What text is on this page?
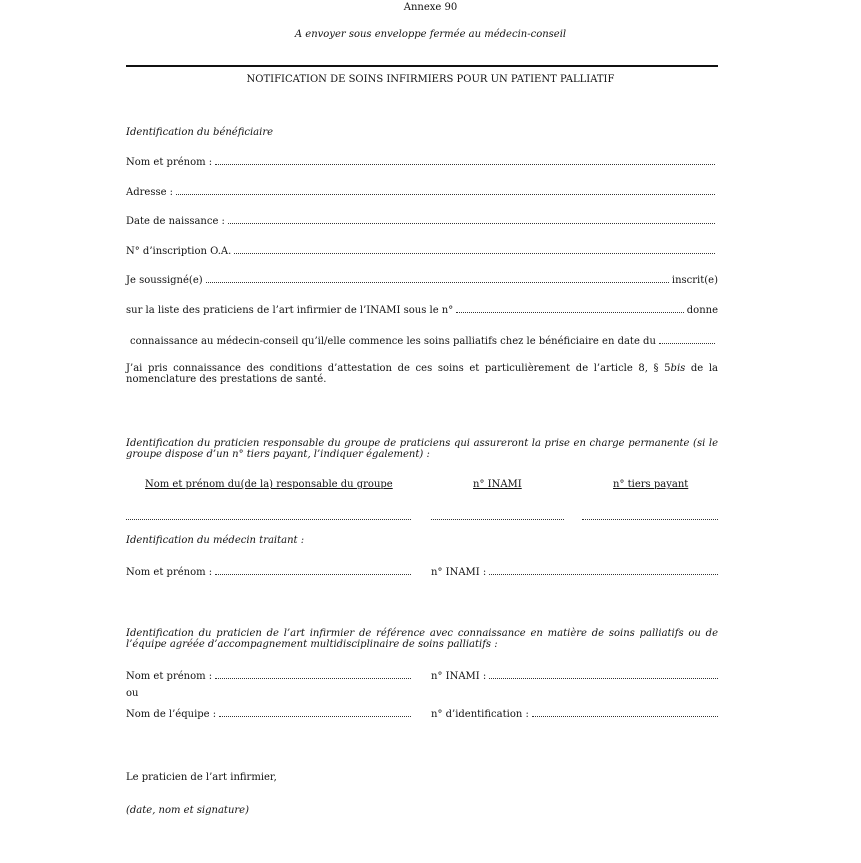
Annexe 90
A envoyer sous enveloppe fermée au médecin-conseil
NOTIFICATION DE SOINS INFIRMIERS POUR UN PATIENT PALLIATIF
Identification du bénéficiaire
Nom et prénom :
Adresse :
Date de naissance :
N° d’inscription O.A.
Je soussigné(e)	inscrit(e)
sur la liste des praticiens de l’art infirmier de l’INAMI sous le n°	donne
connaissance au médecin-conseil qu’il/elle commence les soins palliatifs chez le bénéficiaire en date du
J’ai pris connaissance des conditions d’attestation de ces soins et particulièrement de l’article 8, § 5bis de la nomenclature des prestations de santé.
Identification du praticien responsable du groupe de praticiens qui assureront la prise en charge permanente (si le groupe dispose d’un n° tiers payant, l’indiquer également) :
Nom et prénom du(de la) responsable du groupe	n° INAMI	n° tiers payant
Identification du médecin traitant :
Nom et prénom :	n° INAMI :
Identification du praticien de l’art infirmier de référence avec connaissance en matière de soins palliatifs ou de l’équipe agréée d’accompagnement multidisciplinaire de soins palliatifs :
Nom et prénom :	n° INAMI :
ou
Nom de l’équipe :	n° d’identification :
Le praticien de l’art infirmier,
(date, nom et signature)
